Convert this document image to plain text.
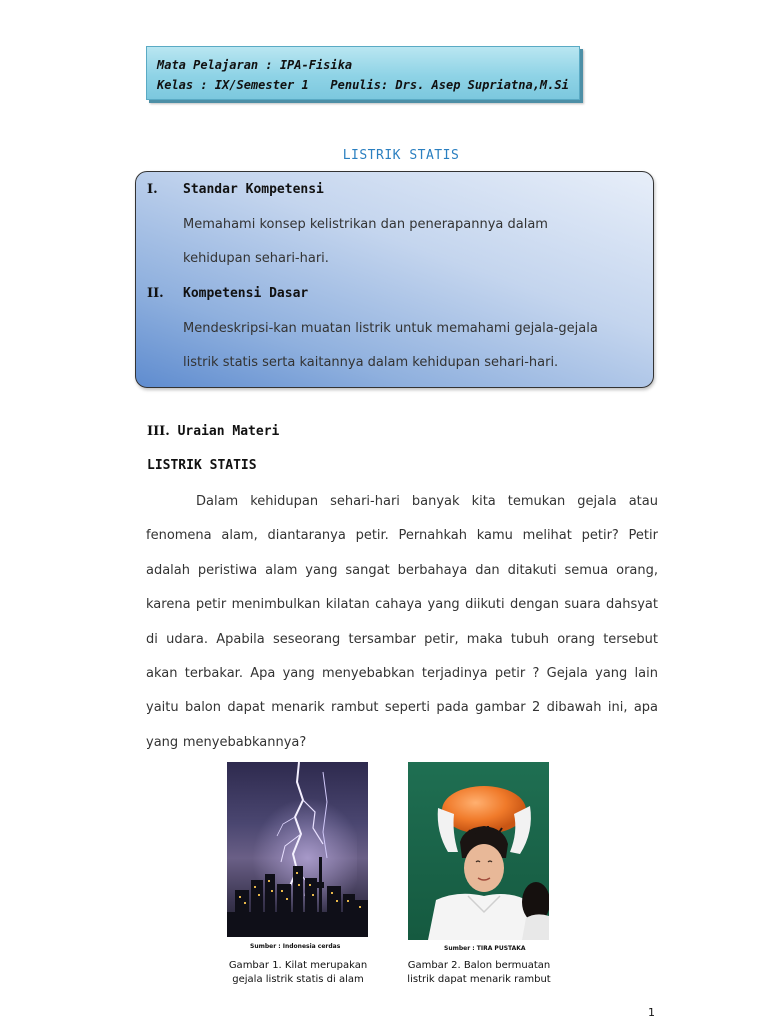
Mata Pelajaran : IPA-Fisika
Kelas : IX/Semester 1   Penulis: Drs. Asep Supriatna,M.Si
LISTRIK STATIS
I. Standar Kompetensi
Memahami konsep kelistrikan dan penerapannya dalam
kehidupan sehari-hari.
II. Kompetensi Dasar
Mendeskripsi-kan muatan listrik untuk memahami gejala-gejala
listrik statis serta kaitannya dalam kehidupan sehari-hari.
III. Uraian Materi
LISTRIK STATIS
Dalam kehidupan sehari-hari banyak kita temukan gejala atau fenomena alam, diantaranya petir. Pernahkah kamu melihat petir? Petir adalah peristiwa alam yang sangat berbahaya dan ditakuti semua orang, karena petir menimbulkan kilatan cahaya yang diikuti dengan suara dahsyat di udara. Apabila seseorang tersambar petir, maka tubuh orang tersebut akan terbakar. Apa yang menyebabkan terjadinya petir ? Gejala yang lain yaitu balon dapat menarik rambut seperti pada gambar 2 dibawah ini, apa yang menyebabkannya?
Sumber : Indonesia cerdas
Gambar 1. Kilat merupakan
gejala listrik statis di alam
Sumber : TIRA PUSTAKA
Gambar 2. Balon bermuatan
listrik dapat menarik rambut
1
